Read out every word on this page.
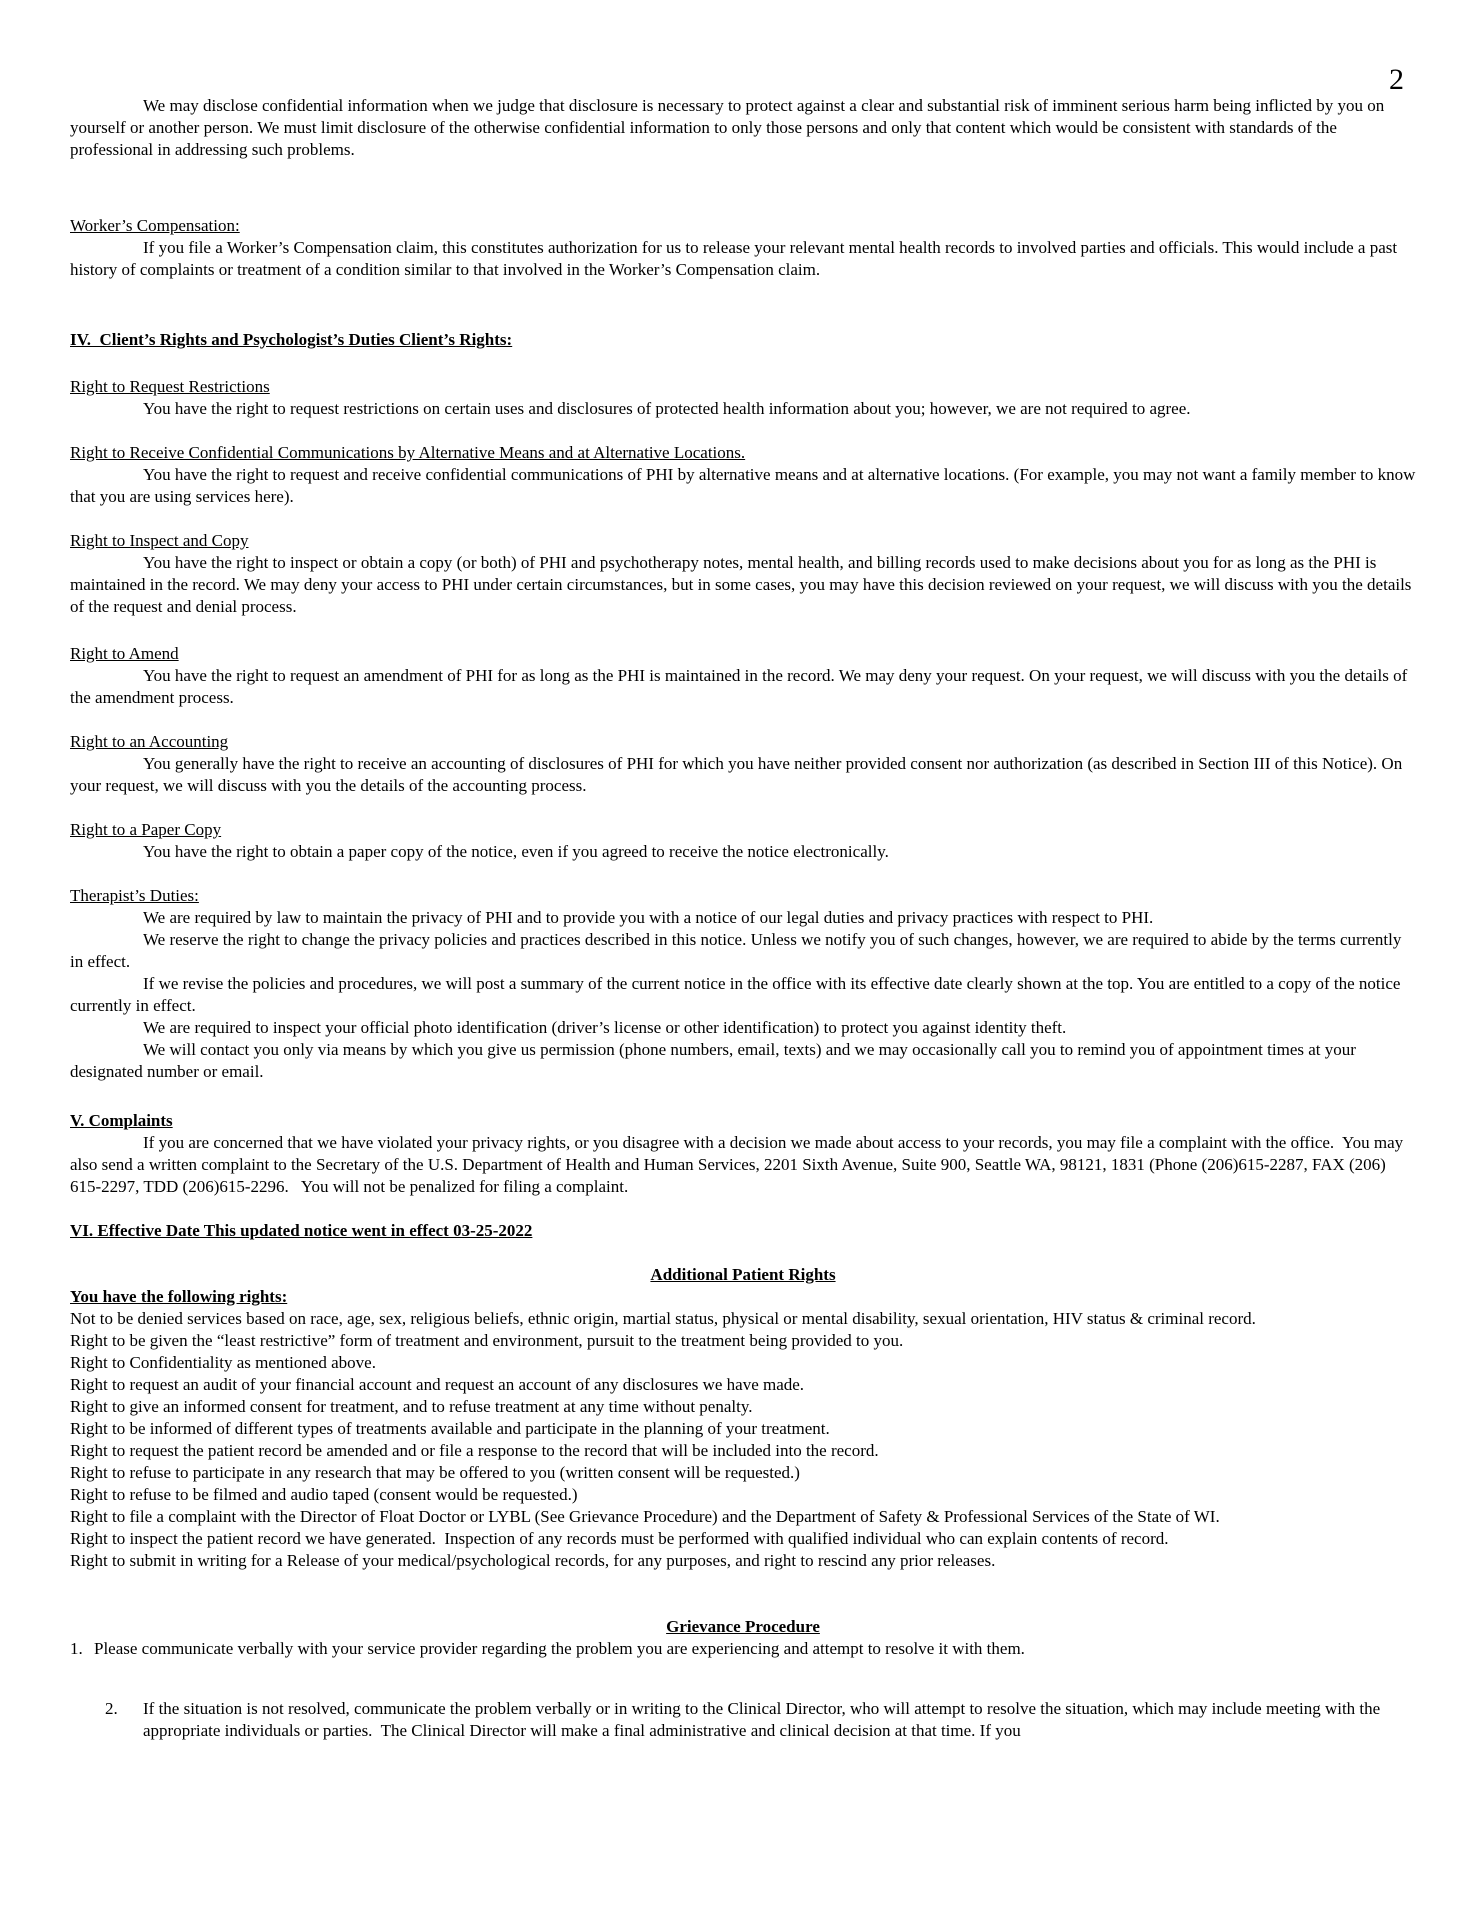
2

We may disclose confidential information when we judge that disclosure is necessary to protect against a clear and substantial risk of imminent serious harm being inflicted by you on yourself or another person. We must limit disclosure of the otherwise confidential information to only those persons and only that content which would be consistent with standards of the professional in addressing such problems.

Worker’s Compensation:

If you file a Worker’s Compensation claim, this constitutes authorization for us to release your relevant mental health records to involved parties and officials. This would include a past history of complaints or treatment of a condition similar to that involved in the Worker’s Compensation claim.

IV.  Client’s Rights and Psychologist’s Duties Client’s Rights:
Right to Request Restrictions

You have the right to request restrictions on certain uses and disclosures of protected health information about you; however, we are not required to agree.

Right to Receive Confidential Communications by Alternative Means and at Alternative Locations.

You have the right to request and receive confidential communications of PHI by alternative means and at alternative locations. (For example, you may not want a family member to know that you are using services here).

Right to Inspect and Copy

You have the right to inspect or obtain a copy (or both) of PHI and psychotherapy notes, mental health, and billing records used to make decisions about you for as long as the PHI is maintained in the record. We may deny your access to PHI under certain circumstances, but in some cases, you may have this decision reviewed on your request, we will discuss with you the details of the request and denial process.

Right to Amend

You have the right to request an amendment of PHI for as long as the PHI is maintained in the record. We may deny your request. On your request, we will discuss with you the details of the amendment process.

Right to an Accounting

You generally have the right to receive an accounting of disclosures of PHI for which you have neither provided consent nor authorization (as described in Section III of this Notice). On your request, we will discuss with you the details of the accounting process.

Right to a Paper Copy

You have the right to obtain a paper copy of the notice, even if you agreed to receive the notice electronically.

Therapist’s Duties:

We are required by law to maintain the privacy of PHI and to provide you with a notice of our legal duties and privacy practices with respect to PHI.

We reserve the right to change the privacy policies and practices described in this notice. Unless we notify you of such changes, however, we are required to abide by the terms currently in effect.

If we revise the policies and procedures, we will post a summary of the current notice in the office with its effective date clearly shown at the top. You are entitled to a copy of the notice currently in effect.

We are required to inspect your official photo identification (driver’s license or other identification) to protect you against identity theft.

We will contact you only via means by which you give us permission (phone numbers, email, texts) and we may occasionally call you to remind you of appointment times at your designated number or email.

V. Complaints

If you are concerned that we have violated your privacy rights, or you disagree with a decision we made about access to your records, you may file a complaint with the office.  You may also send a written complaint to the Secretary of the U.S. Department of Health and Human Services, 2201 Sixth Avenue, Suite 900, Seattle WA, 98121, 1831 (Phone (206)615-2287, FAX (206) 615-2297, TDD (206)615-2296.   You will not be penalized for filing a complaint.

VI. Effective Date This updated notice went in effect 03-25-2022
Additional Patient Rights
You have the following rights:
Not to be denied services based on race, age, sex, religious beliefs, ethnic origin, martial status, physical or mental disability, sexual orientation, HIV status & criminal record.
Right to be given the “least restrictive” form of treatment and environment, pursuit to the treatment being provided to you.
Right to Confidentiality as mentioned above.
Right to request an audit of your financial account and request an account of any disclosures we have made.
Right to give an informed consent for treatment, and to refuse treatment at any time without penalty.
Right to be informed of different types of treatments available and participate in the planning of your treatment.
Right to request the patient record be amended and or file a response to the record that will be included into the record.
Right to refuse to participate in any research that may be offered to you (written consent will be requested.)
Right to refuse to be filmed and audio taped (consent would be requested.)
Right to file a complaint with the Director of Float Doctor or LYBL (See Grievance Procedure) and the Department of Safety & Professional Services of the State of WI.
Right to inspect the patient record we have generated.  Inspection of any records must be performed with qualified individual who can explain contents of record.
Right to submit in writing for a Release of your medical/psychological records, for any purposes, and right to rescind any prior releases.
Grievance Procedure
1. Please communicate verbally with your service provider regarding the problem you are experiencing and attempt to resolve it with them.
2.	If the situation is not resolved, communicate the problem verbally or in writing to the Clinical Director, who will attempt to resolve the situation, which may include meeting with the appropriate individuals or parties.  The Clinical Director will make a final administrative and clinical decision at that time. If you
